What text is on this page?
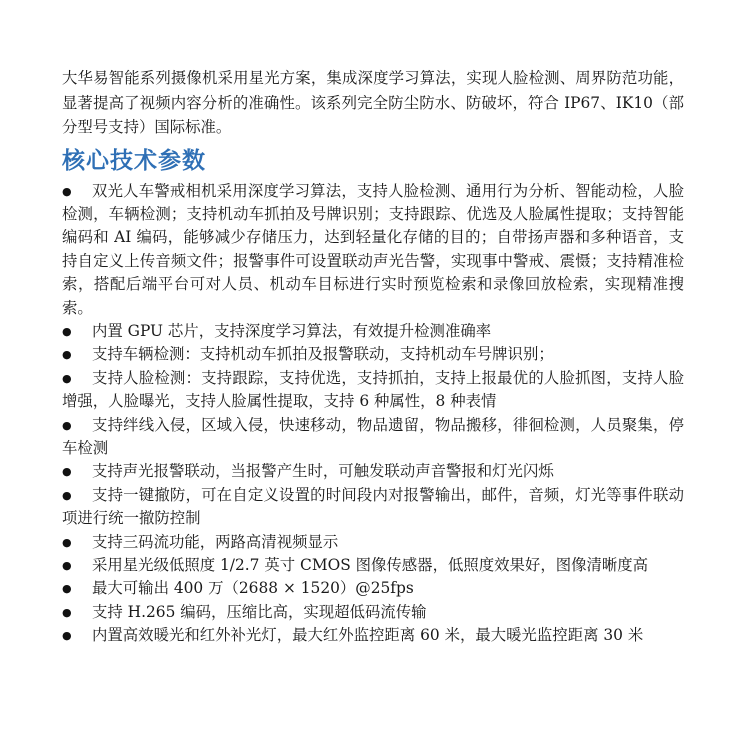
大华易智能系列摄像机采用星光方案，集成深度学习算法，实现人脸检测、周界防范功能，显著提高了视频内容分析的准确性。该系列完全防尘防水、防破坏，符合 IP67、IK10（部分型号支持）国际标准。

核心技术参数
● 双光人车警戒相机采用深度学习算法，支持人脸检测、通用行为分析、智能动检，人脸检测，车辆检测；支持机动车抓拍及号牌识别；支持跟踪、优选及人脸属性提取；支持智能编码和 AI 编码，能够减少存储压力，达到轻量化存储的目的；自带扬声器和多种语音，支持自定义上传音频文件；报警事件可设置联动声光告警，实现事中警戒、震慑；支持精准检索，搭配后端平台可对人员、机动车目标进行实时预览检索和录像回放检索，实现精准搜索。
● 内置 GPU 芯片，支持深度学习算法，有效提升检测准确率
● 支持车辆检测：支持机动车抓拍及报警联动，支持机动车号牌识别；
● 支持人脸检测：支持跟踪，支持优选，支持抓拍，支持上报最优的人脸抓图，支持人脸增强，人脸曝光，支持人脸属性提取，支持 6 种属性，8 种表情
● 支持绊线入侵，区域入侵，快速移动，物品遗留，物品搬移，徘徊检测，人员聚集，停车检测
● 支持声光报警联动，当报警产生时，可触发联动声音警报和灯光闪烁
● 支持一键撤防，可在自定义设置的时间段内对报警输出，邮件，音频，灯光等事件联动项进行统一撤防控制
● 支持三码流功能，两路高清视频显示
● 采用星光级低照度 1/2.7 英寸 CMOS 图像传感器，低照度效果好，图像清晰度高
● 最大可输出 400 万（2688 × 1520）@25fps
● 支持 H.265 编码，压缩比高，实现超低码流传输
● 内置高效暖光和红外补光灯，最大红外监控距离 60 米，最大暖光监控距离 30 米
